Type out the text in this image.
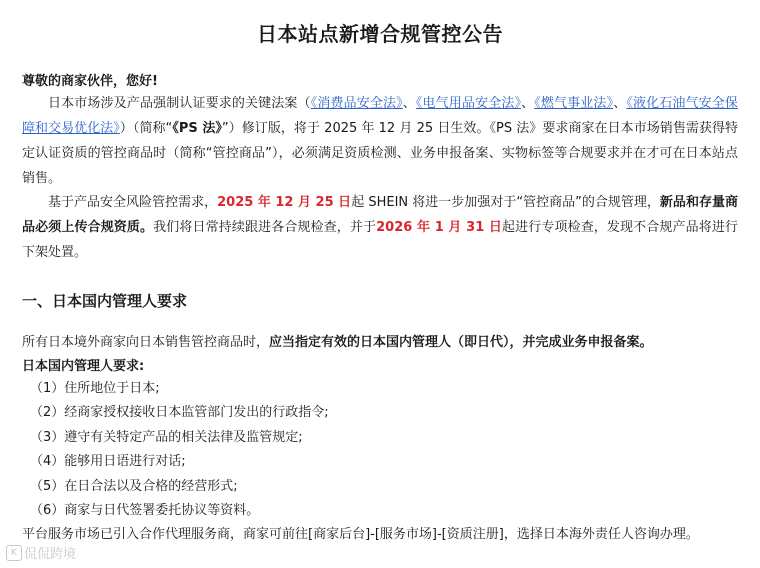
日本站点新增合规管控公告
尊敬的商家伙伴，您好!
日本市场涉及产品强制认证要求的关键法案（《消费品安全法》、《电气用品安全法》、《燃气事业法》、《液化石油气安全保障和交易优化法》）（简称“《PS 法》”）修订版，将于 2025 年 12 月 25 日生效。《PS 法》要求商家在日本市场销售需获得特定认证资质的管控商品时（简称“管控商品”），必须满足资质检测、业务申报备案、实物标签等合规要求并在才可在日本站点销售。
基于产品安全风险管控需求，2025 年 12 月 25 日起 SHEIN 将进一步加强对于“管控商品”的合规管理，新品和存量商品必须上传合规资质。我们将日常持续跟进各合规检查，并于2026 年 1 月 31 日起进行专项检查，发现不合规产品将进行下架处置。
一、日本国内管理人要求
所有日本境外商家向日本销售管控商品时，应当指定有效的日本国内管理人（即日代），并完成业务申报备案。
日本国内管理人要求:
（1）住所地位于日本;
（2）经商家授权接收日本监管部门发出的行政指令;
（3）遵守有关特定产品的相关法律及监管规定;
（4）能够用日语进行对话;
（5）在日合法以及合格的经营形式;
（6）商家与日代签署委托协议等资料。
平台服务市场已引入合作代理服务商，商家可前往[商家后台]-[服务市场]-[资质注册]，选择日本海外责任人咨询办理。
K 侃侃跨境
